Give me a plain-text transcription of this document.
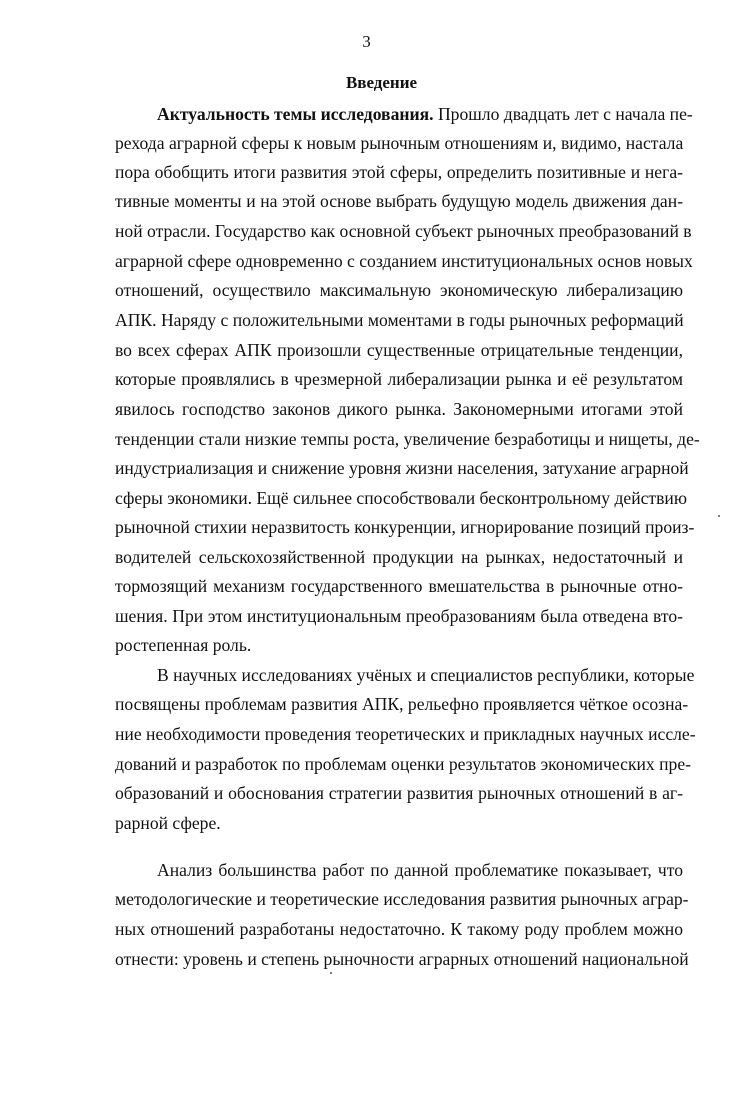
3
Введение
Актуальность темы исследования. Прошло двадцать лет с начала пе-
рехода аграрной сферы к новым рыночным отношениям и, видимо, настала
пора обобщить итоги развития этой сферы, определить позитивные и нега-
тивные моменты и на этой основе выбрать будущую модель движения дан-
ной отрасли. Государство как основной субъект рыночных преобразований в
аграрной сфере одновременно с созданием институциональных основ новых
отношений, осуществило максимальную экономическую либерализацию
АПК. Наряду с положительными моментами в годы рыночных реформаций
во всех сферах АПК произошли существенные отрицательные тенденции,
которые проявлялись в чрезмерной либерализации рынка и её результатом
явилось господство законов дикого рынка. Закономерными итогами этой
тенденции стали низкие темпы роста, увеличение безработицы и нищеты, де-
индустриализация и снижение уровня жизни населения, затухание аграрной
сферы экономики. Ещё сильнее способствовали бесконтрольному действию
рыночной стихии неразвитость конкуренции, игнорирование позиций произ-
водителей сельскохозяйственной продукции на рынках, недостаточный и
тормозящий механизм государственного вмешательства в рыночные отно-
шения. При этом институциональным преобразованиям была отведена вто-
ростепенная роль.
В научных исследованиях учёных и специалистов республики, которые
посвящены проблемам развития АПК, рельефно проявляется чёткое осозна-
ние необходимости проведения теоретических и прикладных научных иссле-
дований и разработок по проблемам оценки результатов экономических пре-
образований и обоснования стратегии развития рыночных отношений в аг-
рарной сфере.
Анализ большинства работ по данной проблематике показывает, что
методологические и теоретические исследования развития рыночных аграр-
ных отношений разработаны недостаточно. К такому роду проблем можно
отнести: уровень и степень рыночности аграрных отношений национальной
